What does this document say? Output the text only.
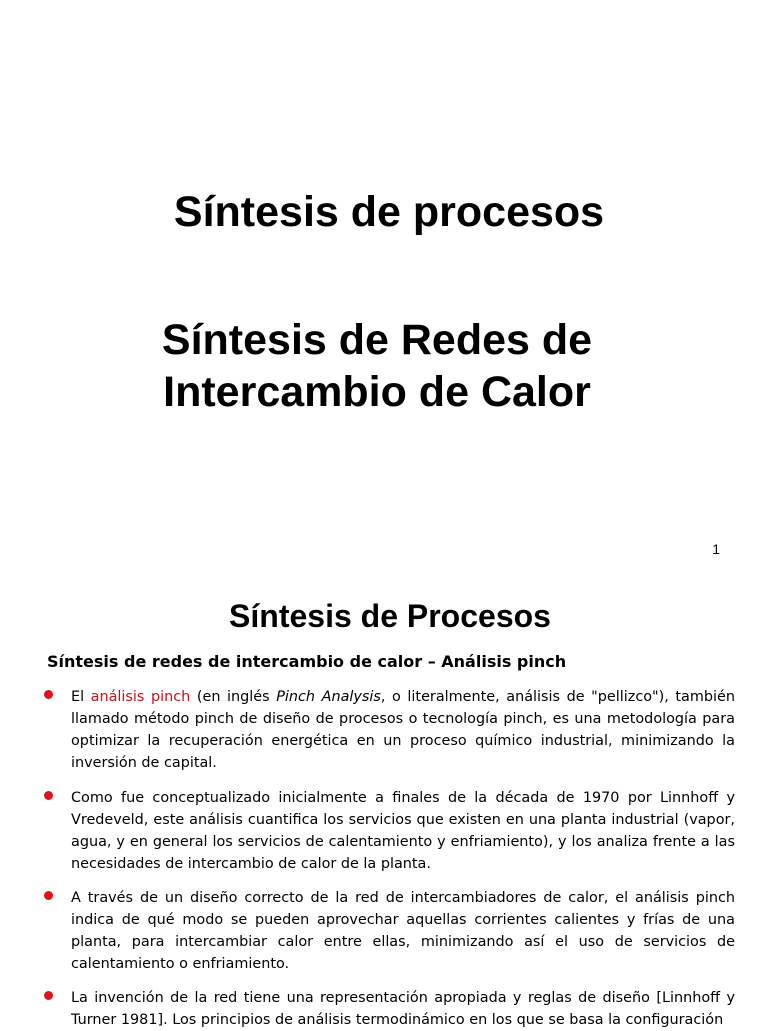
Síntesis de procesos
Síntesis de Redes de
Intercambio de Calor
1
Síntesis de Procesos
Síntesis de redes de intercambio de calor – Análisis pinch
El análisis pinch (en inglés Pinch Analysis, o literalmente, análisis de "pellizco"), también llamado método pinch de diseño de procesos o tecnología pinch, es una metodología para optimizar la recuperación energética en un proceso químico industrial, minimizando la inversión de capital.
Como fue conceptualizado inicialmente a finales de la década de 1970 por Linnhoff y Vredeveld, este análisis cuantifica los servicios que existen en una planta industrial (vapor, agua, y en general los servicios de calentamiento y enfriamiento), y los analiza frente a las necesidades de intercambio de calor de la planta.
A través de un diseño correcto de la red de intercambiadores de calor, el análisis pinch indica de qué modo se pueden aprovechar aquellas corrientes calientes y frías de una planta, para intercambiar calor entre ellas, minimizando así el uso de servicios de calentamiento o enfriamiento.
La invención de la red tiene una representación apropiada y reglas de diseño [Linnhoff y Turner 1981]. Los principios de análisis termodinámico en los que se basa la configuración
